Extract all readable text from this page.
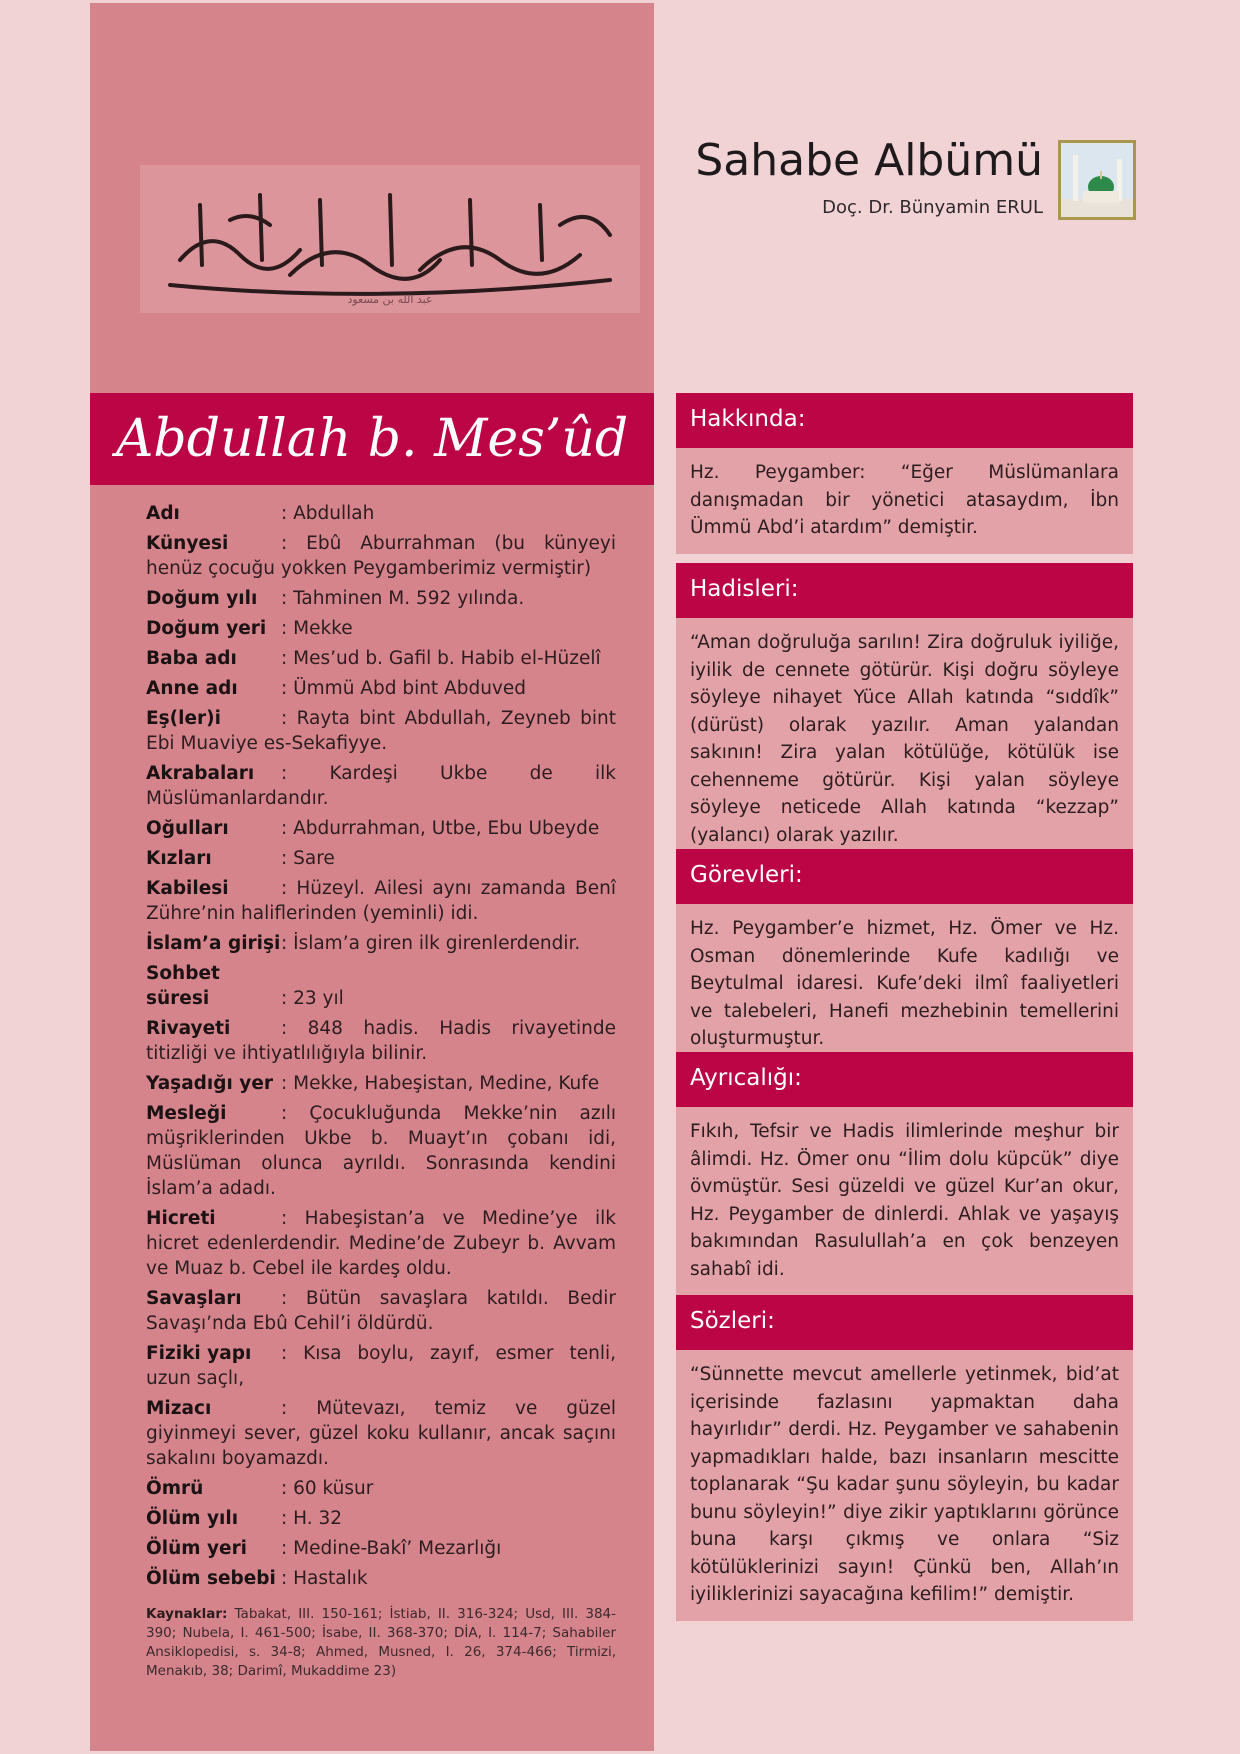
عبد الله بن مسعود
Sahabe Albümü
Doç. Dr. Bünyamin ERUL
Abdullah b. Mes’ûd
Adı	: Abdullah
Künyesi	: Ebû Aburrahman (bu künyeyi henüz çocuğu yokken Peygamberimiz vermiştir)
Doğum yılı : Tahminen M. 592 yılında.
Doğum yeri : Mekke
Baba adı : Mes’ud b. Gafil b. Habib el-Hüzelî
Anne adı : Ümmü Abd bint Abduved
Eş(ler)i	: Rayta bint Abdullah, Zeyneb bint Ebi Muaviye es-Sekafiyye.
Akrabaları : Kardeşi Ukbe de ilk Müslümanlardandır.
Oğulları	: Abdurrahman, Utbe, Ebu Ubeyde
Kızları	: Sare
Kabilesi	: Hüzeyl. Ailesi aynı zamanda Benî Zühre’nin haliflerinden (yeminli) idi.
İslam’a girişi: İslam’a giren ilk girenlerdendir.
Sohbet süresi	: 23 yıl
Rivayeti	: 848 hadis. Hadis rivayetinde titizliği ve ihtiyatlılığıyla bilinir.
Yaşadığı yer : Mekke, Habeşistan, Medine, Kufe
Mesleği	: Çocukluğunda Mekke’nin azılı müşriklerinden Ukbe b. Muayt’ın çobanı idi, Müslüman olunca ayrıldı. Sonrasında kendini İslam’a adadı.
Hicreti	: Habeşistan’a ve Medine’ye ilk hicret edenlerdendir. Medine’de Zubeyr b. Avvam ve Muaz b. Cebel ile kardeş oldu.
Savaşları : Bütün savaşlara katıldı. Bedir Savaşı’nda Ebû Cehil’i öldürdü.
Fiziki yapı : Kısa boylu, zayıf, esmer tenli, uzun saçlı,
Mizacı	: Mütevazı, temiz ve güzel giyinmeyi sever, güzel koku kullanır, ancak saçını sakalını boyamazdı.
Ömrü	: 60 küsur
Ölüm yılı : H. 32
Ölüm yeri : Medine-Bakî’ Mezarlığı
Ölüm sebebi : Hastalık
Kaynaklar: Tabakat, III. 150-161; İstiab, II. 316-324; Usd, III. 384-390; Nubela, I. 461-500; İsabe, II. 368-370; DİA, I. 114-7; Sahabiler Ansiklopedisi, s. 34-8; Ahmed, Musned, I. 26, 374-466; Tirmizi, Menakıb, 38; Darimî, Mukaddime 23)
Hakkında:
Hz. Peygamber: “Eğer Müslümanlara danışmadan bir yönetici atasaydım, İbn Ümmü Abd’i atardım” demiştir.
Hadisleri:
“Aman doğruluğa sarılın! Zira doğruluk iyiliğe, iyilik de cennete götürür. Kişi doğru söyleye söyleye nihayet Yüce Allah katında “sıddîk” (dürüst) olarak yazılır. Aman yalandan sakının! Zira yalan kötülüğe, kötülük ise cehenneme götürür. Kişi yalan söyleye söyleye neticede Allah katında “kezzap” (yalancı) olarak yazılır.
Görevleri:
Hz. Peygamber’e hizmet, Hz. Ömer ve Hz. Osman dönemlerinde Kufe kadılığı ve Beytulmal idaresi. Kufe’deki ilmî faaliyetleri ve talebeleri, Hanefi mezhebinin temellerini oluşturmuştur.
Ayrıcalığı:
Fıkıh, Tefsir ve Hadis ilimlerinde meşhur bir âlimdi. Hz. Ömer onu “İlim dolu küpcük” diye övmüştür. Sesi güzeldi ve güzel Kur’an okur, Hz. Peygamber de dinlerdi. Ahlak ve yaşayış bakımından Rasulullah’a en çok benzeyen sahabî idi.
Sözleri:
“Sünnette mevcut amellerle yetinmek, bid’at içerisinde fazlasını yapmaktan daha hayırlıdır” derdi. Hz. Peygamber ve sahabenin yapmadıkları halde, bazı insanların mescitte toplanarak “Şu kadar şunu söyleyin, bu kadar bunu söyleyin!” diye zikir yaptıklarını görünce buna karşı çıkmış ve onlara “Siz kötülüklerinizi sayın! Çünkü ben, Allah’ın iyiliklerinizi sayacağına kefilim!” demiştir.
